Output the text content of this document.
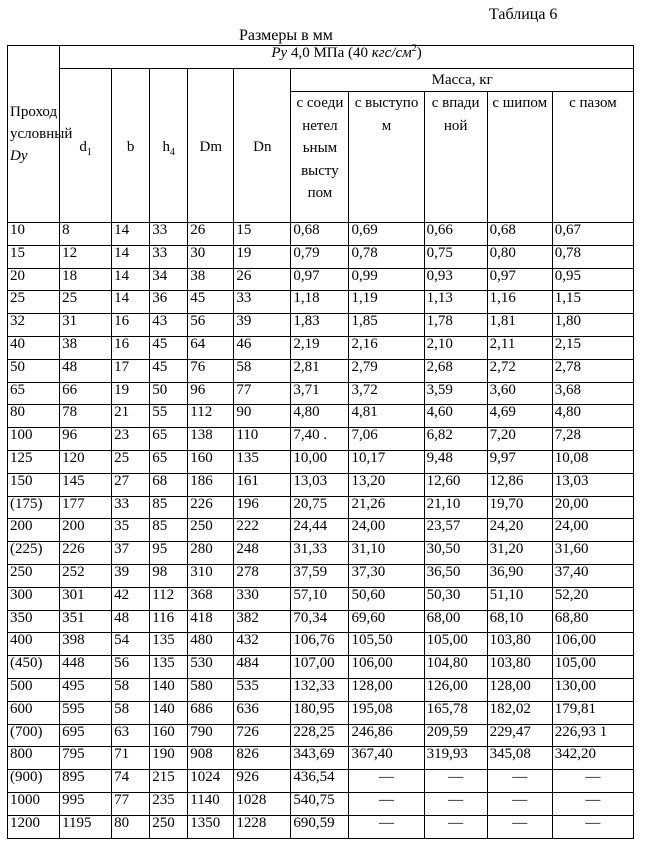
Таблица 6
Размеры в мм
Проход
условный
Dy	Py 4,0 МПа (40 кгс/$см^2$)									
	$d_1$	b	$h_4$	Dm	Dn	Масса, кг				
						с соеди нетел ьным высту пом	с выступо м	с впади ной	с шипом	с пазом
10	8	14	33	26	15	0,68	0,69	0,66	0,68	0,67
15	12	14	33	30	19	0,79	0,78	0,75	0,80	0,78
20	18	14	34	38	26	0,97	0,99	0,93	0,97	0,95
25	25	14	36	45	33	1,18	1,19	1,13	1,16	1,15
32	31	16	43	56	39	1,83	1,85	1,78	1,81	1,80
40	38	16	45	64	46	2,19	2,16	2,10	2,11	2,15
50	48	17	45	76	58	2,81	2,79	2,68	2,72	2,78
65	66	19	50	96	77	3,71	3,72	3,59	3,60	3,68
80	78	21	55	112	90	4,80	4,81	4,60	4,69	4,80
100	96	23	65	138	110	7,40 .	7,06	6,82	7,20	7,28
125	120	25	65	160	135	10,00	10,17	9,48	9,97	10,08
150	145	27	68	186	161	13,03	13,20	12,60	12,86	13,03
(175)	177	33	85	226	196	20,75	21,26	21,10	19,70	20,00
200	200	35	85	250	222	24,44	24,00	23,57	24,20	24,00
(225)	226	37	95	280	248	31,33	31,10	30,50	31,20	31,60
250	252	39	98	310	278	37,59	37,30	36,50	36,90	37,40
300	301	42	112	368	330	57,10	50,60	50,30	51,10	52,20
350	351	48	116	418	382	70,34	69,60	68,00	68,10	68,80
400	398	54	135	480	432	106,76	105,50	105,00	103,80	106,00
(450)	448	56	135	530	484	107,00	106,00	104,80	103,80	105,00
500	495	58	140	580	535	132,33	128,00	126,00	128,00	130,00
600	595	58	140	686	636	180,95	195,08	165,78	182,02	179,81
(700)	695	63	160	790	726	228,25	246,86	209,59	229,47	226,93 1
800	795	71	190	908	826	343,69	367,40	319,93	345,08	342,20
(900)	895	74	215	1024	926	436,54	—	—	—	—
1000	995	77	235	1140	1028	540,75	—	—	—	—
1200	1195	80	250	1350	1228	690,59	—	—	—	—
